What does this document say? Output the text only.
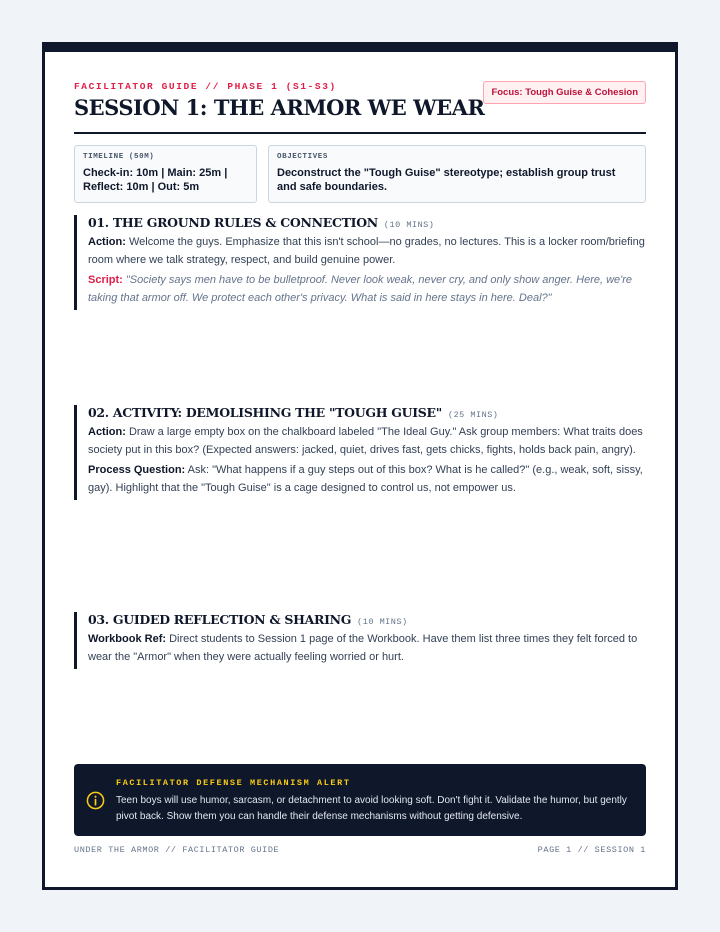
FACILITATOR GUIDE // PHASE 1 (S1-S3)
Focus: Tough Guise & Cohesion
SESSION 1: THE ARMOR WE WEAR
TIMELINE (50M)
Check-in: 10m | Main: 25m |
Reflect: 10m | Out: 5m
OBJECTIVES
Deconstruct the "Tough Guise" stereotype; establish group trust and safe boundaries.
01. THE GROUND RULES & CONNECTION (10 MINS)

Action: Welcome the guys. Emphasize that this isn't school—no grades, no lectures. This is a locker room/briefing room where we talk strategy, respect, and build genuine power.

Script: "Society says men have to be bulletproof. Never look weak, never cry, and only show anger. Here, we're taking that armor off. We protect each other's privacy. What is said in here stays in here. Deal?"

02. ACTIVITY: DEMOLISHING THE "TOUGH GUISE" (25 MINS)

Action: Draw a large empty box on the chalkboard labeled "The Ideal Guy." Ask group members: What traits does society put in this box? (Expected answers: jacked, quiet, drives fast, gets chicks, fights, holds back pain, angry).

Process Question: Ask: "What happens if a guy steps out of this box? What is he called?" (e.g., weak, soft, sissy, gay). Highlight that the "Tough Guise" is a cage designed to control us, not empower us.

03. GUIDED REFLECTION & SHARING (10 MINS)

Workbook Ref: Direct students to Session 1 page of the Workbook. Have them list three times they felt forced to wear the "Armor" when they were actually feeling worried or hurt.

FACILITATOR DEFENSE MECHANISM ALERT
Teen boys will use humor, sarcasm, or detachment to avoid looking soft. Don't fight it. Validate the humor, but gently pivot back. Show them you can handle their defense mechanisms without getting defensive.
UNDER THE ARMOR // FACILITATOR GUIDE	PAGE 1 // SESSION 1
